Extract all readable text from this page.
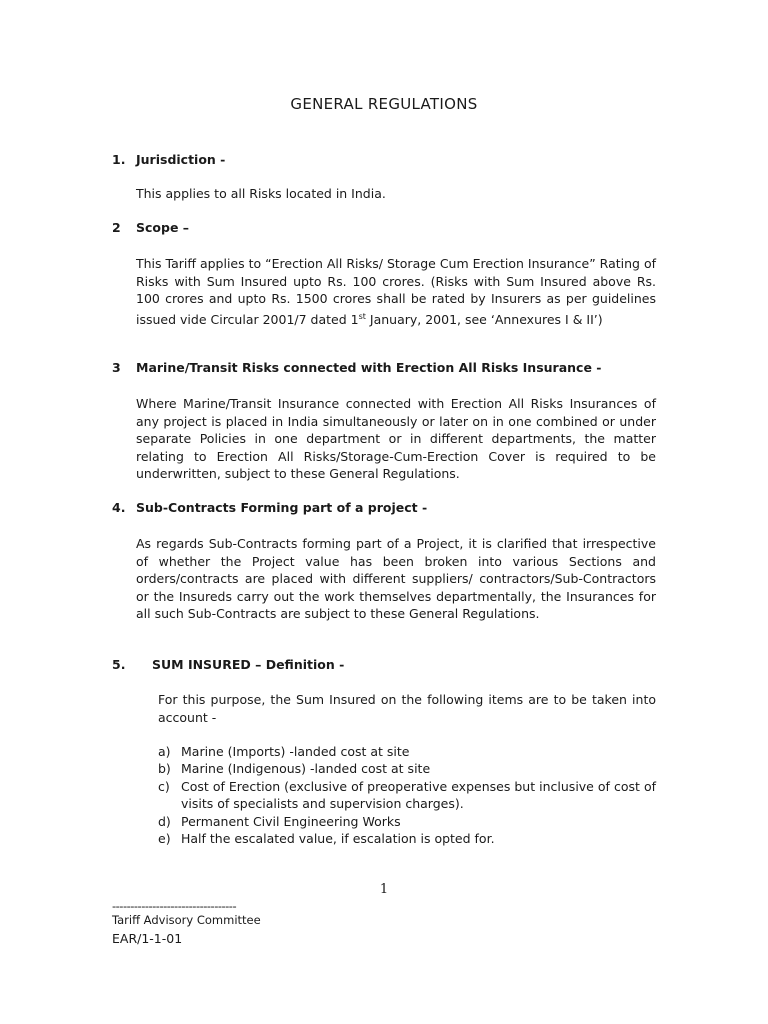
GENERAL REGULATIONS
1. Jurisdiction -

This applies to all Risks located in India.

2 Scope –

This Tariff applies to “Erection All Risks/ Storage Cum Erection Insurance” Rating of Risks with Sum Insured upto Rs. 100 crores. (Risks with Sum Insured above Rs. 100 crores and upto Rs. 1500 crores shall be rated by Insurers as per guidelines issued vide Circular 2001/7 dated 1st January, 2001, see ‘Annexures I & II’)

3 Marine/Transit Risks connected with Erection All Risks Insurance -

Where Marine/Transit Insurance connected with Erection All Risks Insurances of any project is placed in India simultaneously or later on in one combined or under separate Policies in one department or in different departments, the matter relating to Erection All Risks/Storage-Cum-Erection Cover is required to be underwritten, subject to these General Regulations.

4. Sub-Contracts Forming part of a project -

As regards Sub-Contracts forming part of a Project, it is clarified that irrespective of whether the Project value has been broken into various Sections and orders/contracts are placed with different suppliers/ contractors/Sub-Contractors or the Insureds carry out the work themselves departmentally, the Insurances for all such Sub-Contracts are subject to these General Regulations.

5. SUM INSURED – Definition -

For this purpose, the Sum Insured on the following items are to be taken into account -

a) Marine (Imports) -landed cost at site
b) Marine (Indigenous) -landed cost at site
c) Cost of Erection (exclusive of preoperative expenses but inclusive of cost of visits of specialists and supervision charges).
d) Permanent Civil Engineering Works
e) Half the escalated value, if escalation is opted for.
1
----------------------------------
Tariff Advisory Committee
EAR/1-1-01
